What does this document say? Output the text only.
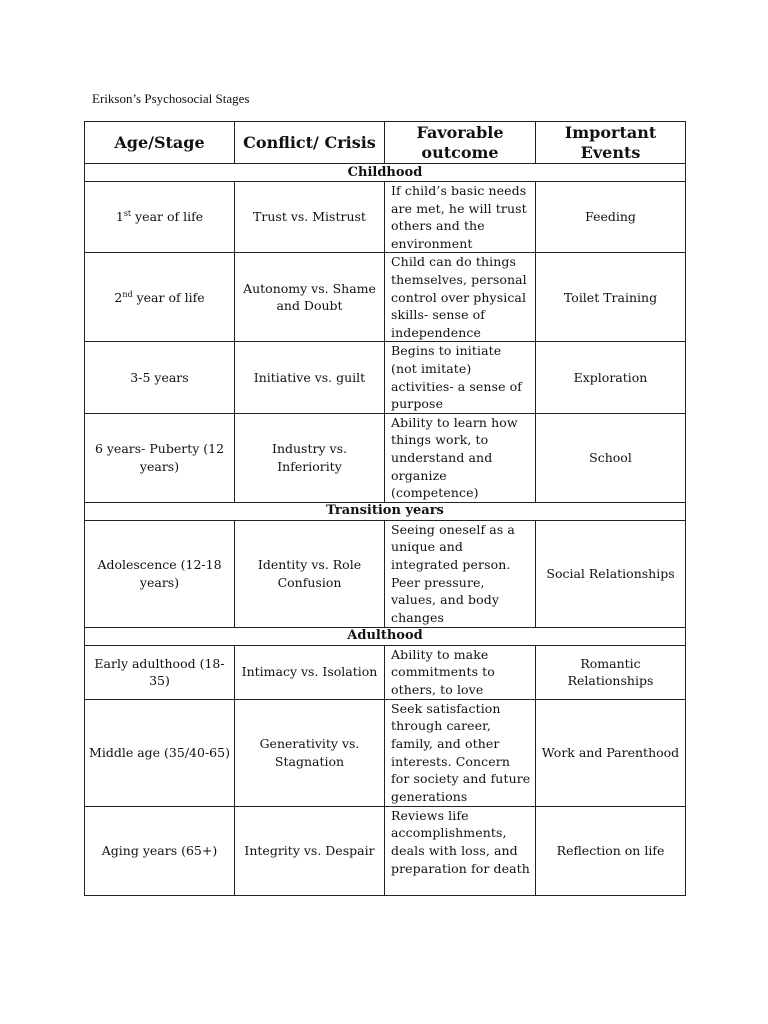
Erikson’s Psychosocial Stages
Age/Stage	Conflict/ Crisis	Favorable outcome	Important Events
Childhood			
1st year of life	Trust vs. Mistrust	If child’s basic needs are met, he will trust others and the environment	Feeding
2nd year of life	Autonomy vs. Shame and Doubt	Child can do things themselves, personal control over physical skills- sense of independence	Toilet Training
3-5 years	Initiative vs. guilt	Begins to initiate (not imitate) activities- a sense of purpose	Exploration
6 years- Puberty (12 years)	Industry vs. Inferiority	Ability to learn how things work, to understand and organize (competence)	School
Transition years			
Adolescence (12-18 years)	Identity vs. Role Confusion	Seeing oneself as a unique and integrated person. Peer pressure, values, and body changes	Social Relationships
Adulthood			
Early adulthood (18-35)	Intimacy vs. Isolation	Ability to make commitments to others, to love	Romantic Relationships
Middle age (35/40-65)	Generativity vs. Stagnation	Seek satisfaction through career, family, and other interests. Concern for society and future generations	Work and Parenthood
Aging years (65+)	Integrity vs. Despair	Reviews life accomplishments, deals with loss, and preparation for death	Reflection on life
